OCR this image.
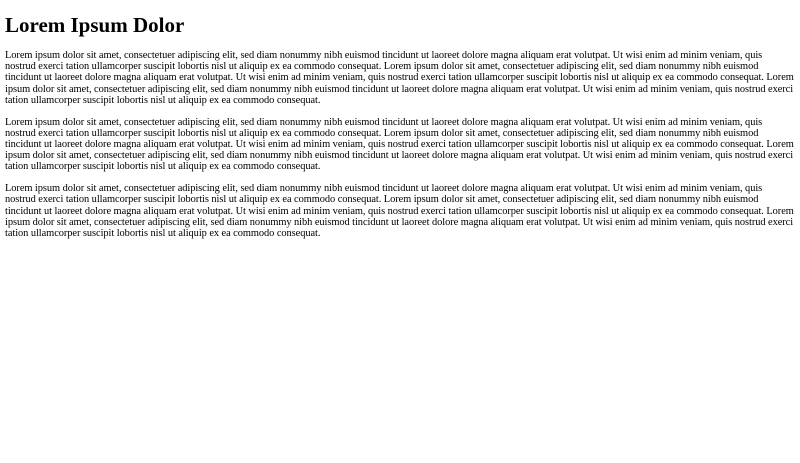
Lorem Ipsum Dolor

Lorem ipsum dolor sit amet, consectetuer adipiscing elit, sed diam nonummy nibh euismod tincidunt ut laoreet dolore magna aliquam erat volutpat. Ut wisi enim ad minim veniam, quis nostrud exerci tation ullamcorper suscipit lobortis nisl ut aliquip ex ea commodo consequat. Lorem ipsum dolor sit amet, consectetuer adipiscing elit, sed diam nonummy nibh euismod tincidunt ut laoreet dolore magna aliquam erat volutpat. Ut wisi enim ad minim veniam, quis nostrud exerci tation ullamcorper suscipit lobortis nisl ut aliquip ex ea commodo consequat. Lorem ipsum dolor sit amet, consectetuer adipiscing elit, sed diam nonummy nibh euismod tincidunt ut laoreet dolore magna aliquam erat volutpat. Ut wisi enim ad minim veniam, quis nostrud exerci tation ullamcorper suscipit lobortis nisl ut aliquip ex ea commodo consequat.

Lorem ipsum dolor sit amet, consectetuer adipiscing elit, sed diam nonummy nibh euismod tincidunt ut laoreet dolore magna aliquam erat volutpat. Ut wisi enim ad minim veniam, quis nostrud exerci tation ullamcorper suscipit lobortis nisl ut aliquip ex ea commodo consequat. Lorem ipsum dolor sit amet, consectetuer adipiscing elit, sed diam nonummy nibh euismod tincidunt ut laoreet dolore magna aliquam erat volutpat. Ut wisi enim ad minim veniam, quis nostrud exerci tation ullamcorper suscipit lobortis nisl ut aliquip ex ea commodo consequat. Lorem ipsum dolor sit amet, consectetuer adipiscing elit, sed diam nonummy nibh euismod tincidunt ut laoreet dolore magna aliquam erat volutpat. Ut wisi enim ad minim veniam, quis nostrud exerci tation ullamcorper suscipit lobortis nisl ut aliquip ex ea commodo consequat.

Lorem ipsum dolor sit amet, consectetuer adipiscing elit, sed diam nonummy nibh euismod tincidunt ut laoreet dolore magna aliquam erat volutpat. Ut wisi enim ad minim veniam, quis nostrud exerci tation ullamcorper suscipit lobortis nisl ut aliquip ex ea commodo consequat. Lorem ipsum dolor sit amet, consectetuer adipiscing elit, sed diam nonummy nibh euismod tincidunt ut laoreet dolore magna aliquam erat volutpat. Ut wisi enim ad minim veniam, quis nostrud exerci tation ullamcorper suscipit lobortis nisl ut aliquip ex ea commodo consequat. Lorem ipsum dolor sit amet, consectetuer adipiscing elit, sed diam nonummy nibh euismod tincidunt ut laoreet dolore magna aliquam erat volutpat. Ut wisi enim ad minim veniam, quis nostrud exerci tation ullamcorper suscipit lobortis nisl ut aliquip ex ea commodo consequat.
